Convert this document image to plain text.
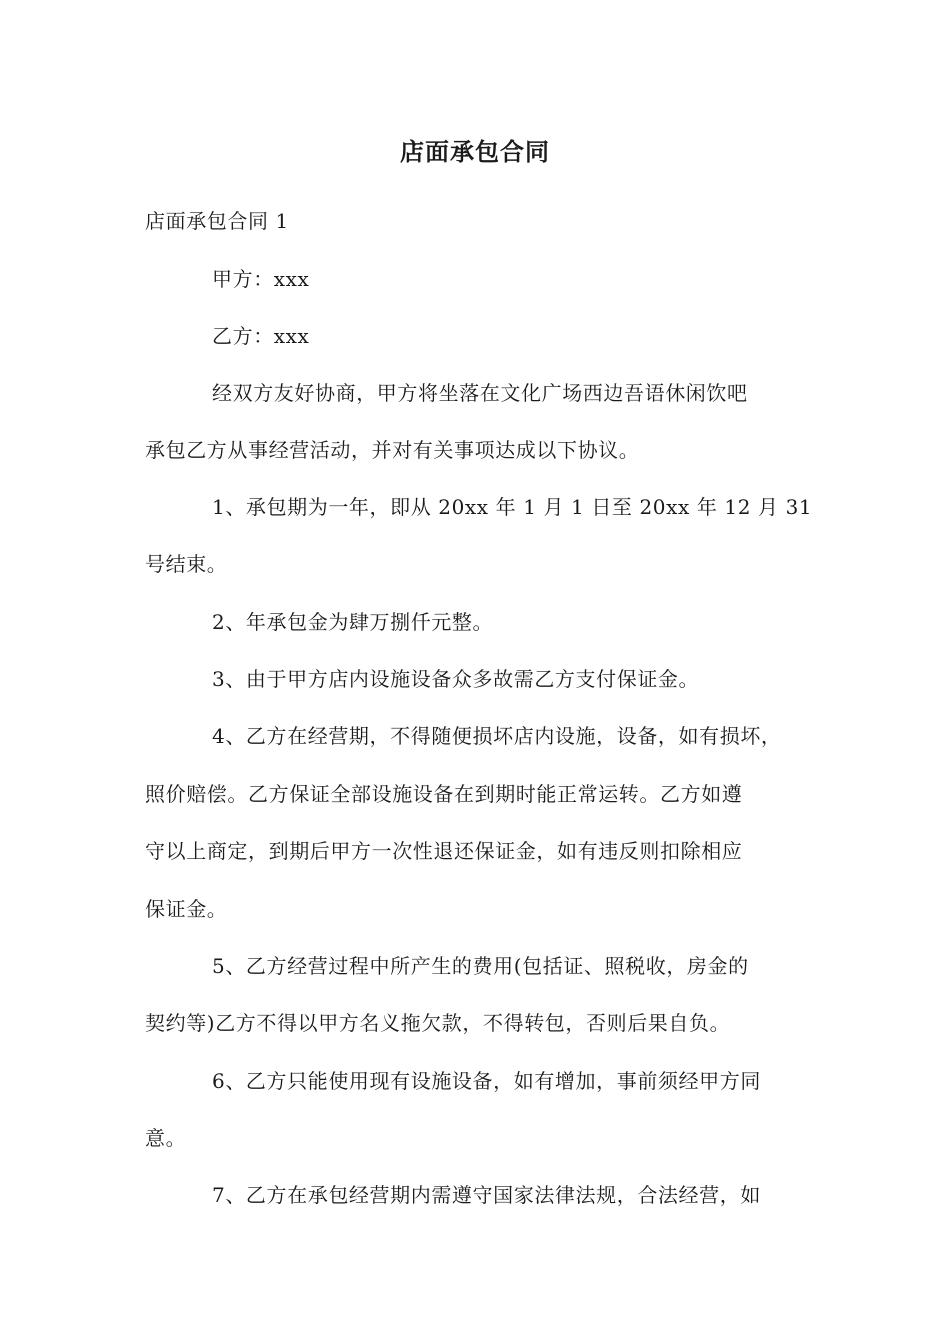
店面承包合同
店面承包合同 1
甲方：xxx
乙方：xxx
经双方友好协商，甲方将坐落在文化广场西边吾语休闲饮吧
承包乙方从事经营活动，并对有关事项达成以下协议。
1、承包期为一年，即从 20xx 年 1 月 1 日至 20xx 年 12 月 31
号结束。
2、年承包金为肆万捌仟元整。
3、由于甲方店内设施设备众多故需乙方支付保证金。
4、乙方在经营期，不得随便损坏店内设施，设备，如有损坏，
照价赔偿。乙方保证全部设施设备在到期时能正常运转。乙方如遵
守以上商定，到期后甲方一次性退还保证金，如有违反则扣除相应
保证金。
5、乙方经营过程中所产生的费用(包括证、照税收，房金的
契约等)乙方不得以甲方名义拖欠款，不得转包，否则后果自负。
6、乙方只能使用现有设施设备，如有增加，事前须经甲方同
意。
7、乙方在承包经营期内需遵守国家法律法规，合法经营，如
